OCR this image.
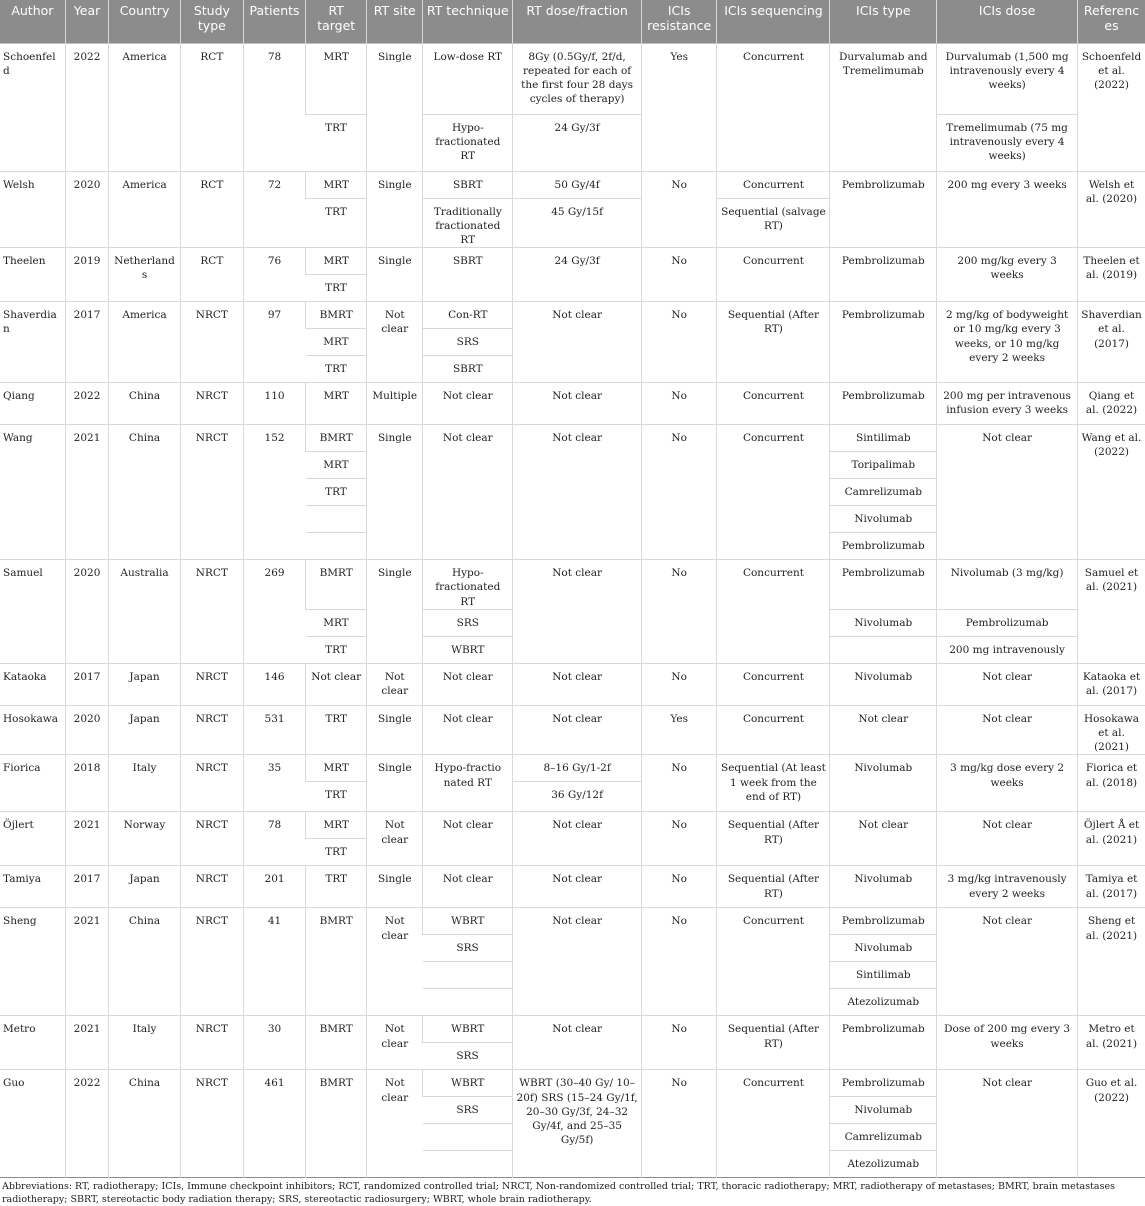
Author	Year	Country	Study type	Patients	RT target	RT site	RT technique	RT dose/fraction	ICIs resistance	ICIs sequencing	ICIs type	ICIs dose	References
Schoenfeld	2022	America	RCT	78	MRT	Single	Low-dose RT	8Gy (0.5Gy/f, 2f/d, repeated for each of the first four 28 days cycles of therapy)	Yes	Concurrent	Durvalumab and Tremelimumab	Durvalumab (1,500 mg intravenously every 4 weeks)	Schoenfeld et al. (2022)
					TRT		Hypo-fractionated RT	24 Gy/3f				Tremelimumab (75 mg intravenously every 4 weeks)	
Welsh	2020	America	RCT	72	MRT	Single	SBRT	50 Gy/4f	No	Concurrent	Pembrolizumab	200 mg every 3 weeks	Welsh et al. (2020)
					TRT		Traditionally fractionated RT	45 Gy/15f		Sequential (salvage RT)			
Theelen	2019	Netherlands	RCT	76	MRT	Single	SBRT	24 Gy/3f	No	Concurrent	Pembrolizumab	200 mg/kg every 3 weeks	Theelen et al. (2019)
					TRT								
Shaverdian	2017	America	NRCT	97	BMRT	Not clear	Con-RT	Not clear	No	Sequential (After RT)	Pembrolizumab	2 mg/kg of bodyweight or 10 mg/kg every 3 weeks, or 10 mg/kg every 2 weeks	Shaverdian et al. (2017)
					MRT		SRS						
					TRT		SBRT						
Qiang	2022	China	NRCT	110	MRT	Multiple	Not clear	Not clear	No	Concurrent	Pembrolizumab	200 mg per intravenous infusion every 3 weeks	Qiang et al. (2022)
Wang	2021	China	NRCT	152	BMRT	Single	Not clear	Not clear	No	Concurrent	Sintilimab	Not clear	Wang et al. (2022)
					MRT						Toripalimab		
					TRT						Camrelizumab		
											Nivolumab		
											Pembrolizumab		
Samuel	2020	Australia	NRCT	269	BMRT	Single	Hypo-fractionated RT	Not clear	No	Concurrent	Pembrolizumab	Nivolumab (3 mg/kg)	Samuel et al. (2021)
					MRT		SRS				Nivolumab	Pembrolizumab	
					TRT		WBRT					200 mg intravenously	
Kataoka	2017	Japan	NRCT	146	Not clear	Not clear	Not clear	Not clear	No	Concurrent	Nivolumab	Not clear	Kataoka et al. (2017)
Hosokawa	2020	Japan	NRCT	531	TRT	Single	Not clear	Not clear	Yes	Concurrent	Not clear	Not clear	Hosokawa et al. (2021)
Fiorica	2018	Italy	NRCT	35	MRT	Single	Hypo-fractio nated RT	8–16 Gy/1-2f	No	Sequential (At least 1 week from the end of RT)	Nivolumab	3 mg/kg dose every 2 weeks	Fiorica et al. (2018)
					TRT			36 Gy/12f					
Öjlert	2021	Norway	NRCT	78	MRT	Not clear	Not clear	Not clear	No	Sequential (After RT)	Not clear	Not clear	Öjlert Å et al. (2021)
					TRT								
Tamiya	2017	Japan	NRCT	201	TRT	Single	Not clear	Not clear	No	Sequential (After RT)	Nivolumab	3 mg/kg intravenously every 2 weeks	Tamiya et al. (2017)
Sheng	2021	China	NRCT	41	BMRT	Not clear	WBRT	Not clear	No	Concurrent	Pembrolizumab	Not clear	Sheng et al. (2021)
							SRS				Nivolumab		
											Sintilimab		
											Atezolizumab		
Metro	2021	Italy	NRCT	30	BMRT	Not clear	WBRT	Not clear	No	Sequential (After RT)	Pembrolizumab	Dose of 200 mg every 3 weeks	Metro et al. (2021)
							SRS						
Guo	2022	China	NRCT	461	BMRT	Not clear	WBRT	WBRT (30–40 Gy/ 10–20f) SRS (15–24 Gy/1f, 20–30 Gy/3f, 24–32 Gy/4f, and 25–35 Gy/5f)	No	Concurrent	Pembrolizumab	Not clear	Guo et al. (2022)
							SRS				Nivolumab		
											Camrelizumab		
											Atezolizumab		
Abbreviations: RT, radiotherapy; ICIs, Immune checkpoint inhibitors; RCT, randomized controlled trial; NRCT, Non-randomized controlled trial; TRT, thoracic radiotherapy; MRT, radiotherapy of metastases; BMRT, brain metastases radiotherapy; SBRT, stereotactic body radiation therapy; SRS, stereotactic radiosurgery; WBRT, whole brain radiotherapy.
